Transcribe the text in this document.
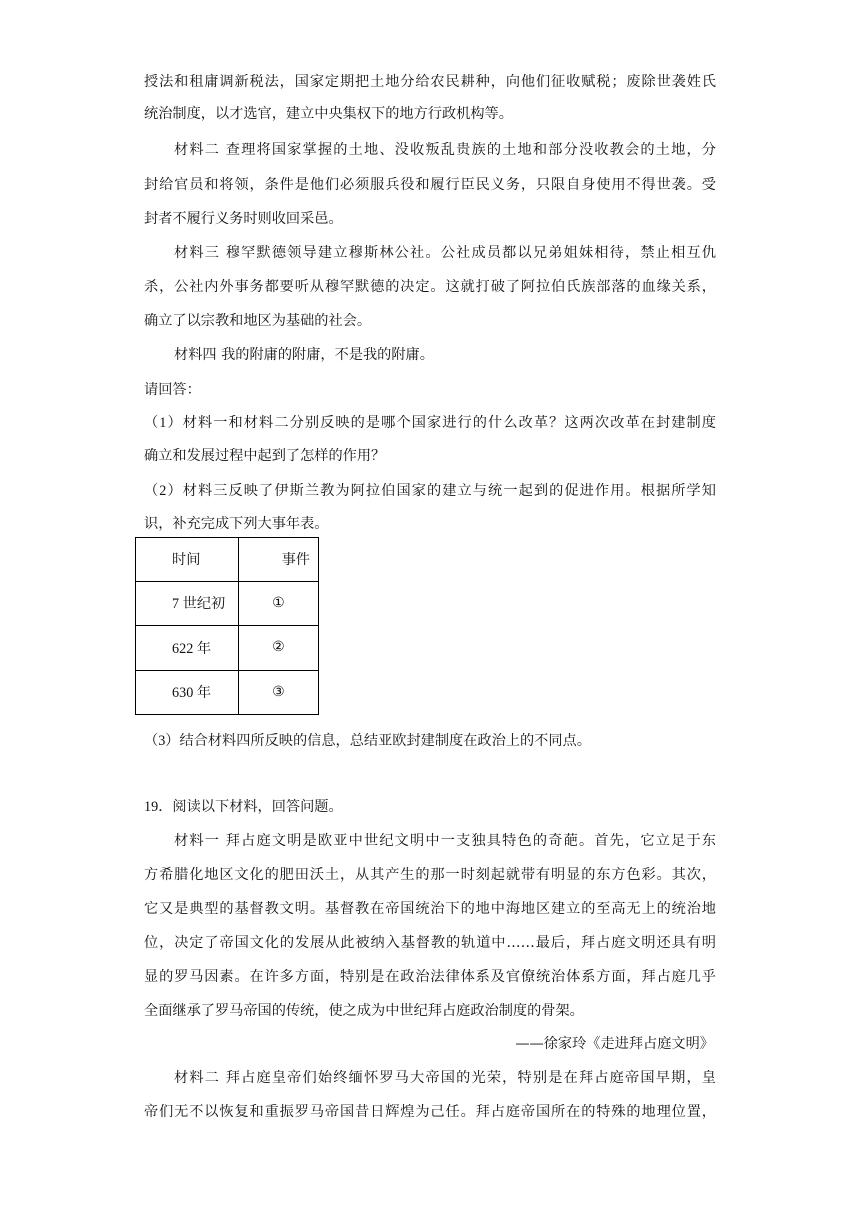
授法和租庸调新税法，国家定期把土地分给农民耕种，向他们征收赋税；废除世袭姓氏
统治制度，以才选官，建立中央集权下的地方行政机构等。
材料二 查理将国家掌握的土地、没收叛乱贵族的土地和部分没收教会的土地，分
封给官员和将领，条件是他们必须服兵役和履行臣民义务，只限自身使用不得世袭。受
封者不履行义务时则收回采邑。
材料三 穆罕默德领导建立穆斯林公社。公社成员都以兄弟姐妹相待，禁止相互仇
杀，公社内外事务都要听从穆罕默德的决定。这就打破了阿拉伯氏族部落的血缘关系，
确立了以宗教和地区为基础的社会。
材料四 我的附庸的附庸，不是我的附庸。
请回答：
（1）材料一和材料二分别反映的是哪个国家进行的什么改革？这两次改革在封建制度
确立和发展过程中起到了怎样的作用？
（2）材料三反映了伊斯兰教为阿拉伯国家的建立与统一起到的促进作用。根据所学知
识，补充完成下列大事年表。
时间	事件
7 世纪初	①
622 年	②
630 年	③
（3）结合材料四所反映的信息，总结亚欧封建制度在政治上的不同点。
19．阅读以下材料，回答问题。
材料一 拜占庭文明是欧亚中世纪文明中一支独具特色的奇葩。首先，它立足于东
方希腊化地区文化的肥田沃土，从其产生的那一时刻起就带有明显的东方色彩。其次，
它又是典型的基督教文明。基督教在帝国统治下的地中海地区建立的至高无上的统治地
位，决定了帝国文化的发展从此被纳入基督教的轨道中……最后，拜占庭文明还具有明
显的罗马因素。在许多方面，特别是在政治法律体系及官僚统治体系方面，拜占庭几乎
全面继承了罗马帝国的传统，使之成为中世纪拜占庭政治制度的骨架。
——徐家玲《走进拜占庭文明》
材料二 拜占庭皇帝们始终缅怀罗马大帝国的光荣，特别是在拜占庭帝国早期，皇
帝们无不以恢复和重振罗马帝国昔日辉煌为己任。拜占庭帝国所在的特殊的地理位置，
